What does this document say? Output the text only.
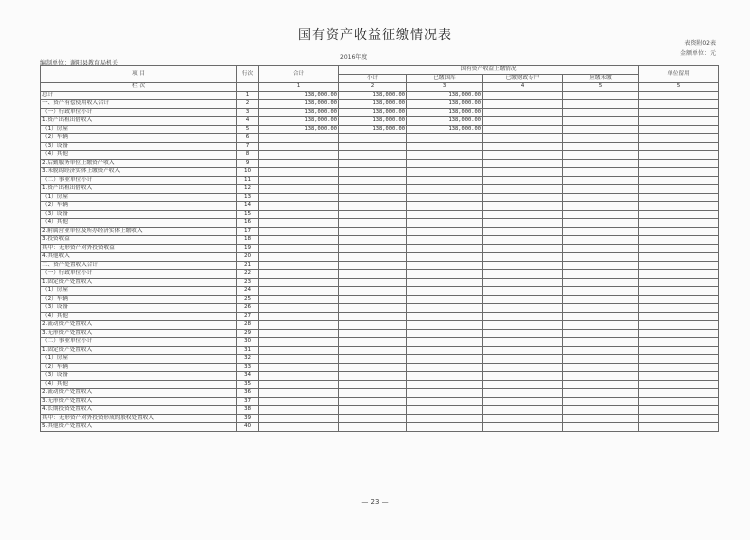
国有资产收益征缴情况表
表资附02表
金额单位：元
2016年度
编制单位：谢阳县教育局机关
项 目	行次	合计	国有资产收益上缴情况				单位留用
			小计	已缴国库	已缴财政专户	应缴未缴	
栏 次		1	2	3	4	5	5
总计	1	138,000.00	138,000.00	138,000.00			
一、资产有偿使用收入合计	2	138,000.00	138,000.00	138,000.00			
（一）行政单位小计	3	138,000.00	138,000.00	138,000.00			
1.资产出租出借收入	4	138,000.00	138,000.00	138,000.00			
（1）房屋	5	138,000.00	138,000.00	138,000.00			
（2）车辆	6						
（3）设备	7						
（4）其他	8						
2.后勤服务单位上缴资产收入	9						
3.未脱钩经济实体上缴资产收入	10						
（二）事业单位小计	11						
1.资产出租出借收入	12						
（1）房屋	13						
（2）车辆	14						
（3）设备	15						
（4）其他	16						
2.附属营业单位及所办经济实体上缴收入	17						
3.投资收益	18						
其中：无形资产对外投资收益	19						
4.其他收入	20						
二、资产处置收入合计	21						
（一）行政单位小计	22						
1.固定资产处置收入	23						
（1）房屋	24						
（2）车辆	25						
（3）设备	26						
（4）其他	27						
2.流动资产处置收入	28						
3.无形资产处置收入	29						
（二）事业单位小计	30						
1.固定资产处置收入	31						
（1）房屋	32						
（2）车辆	33						
（3）设备	34						
（4）其他	35						
2.流动资产处置收入	36						
3.无形资产处置收入	37						
4.长期投资处置收入	38						
其中：无形资产对外投资形成的股权处置收入	39						
5.其他资产处置收入	40						
— 23 —
